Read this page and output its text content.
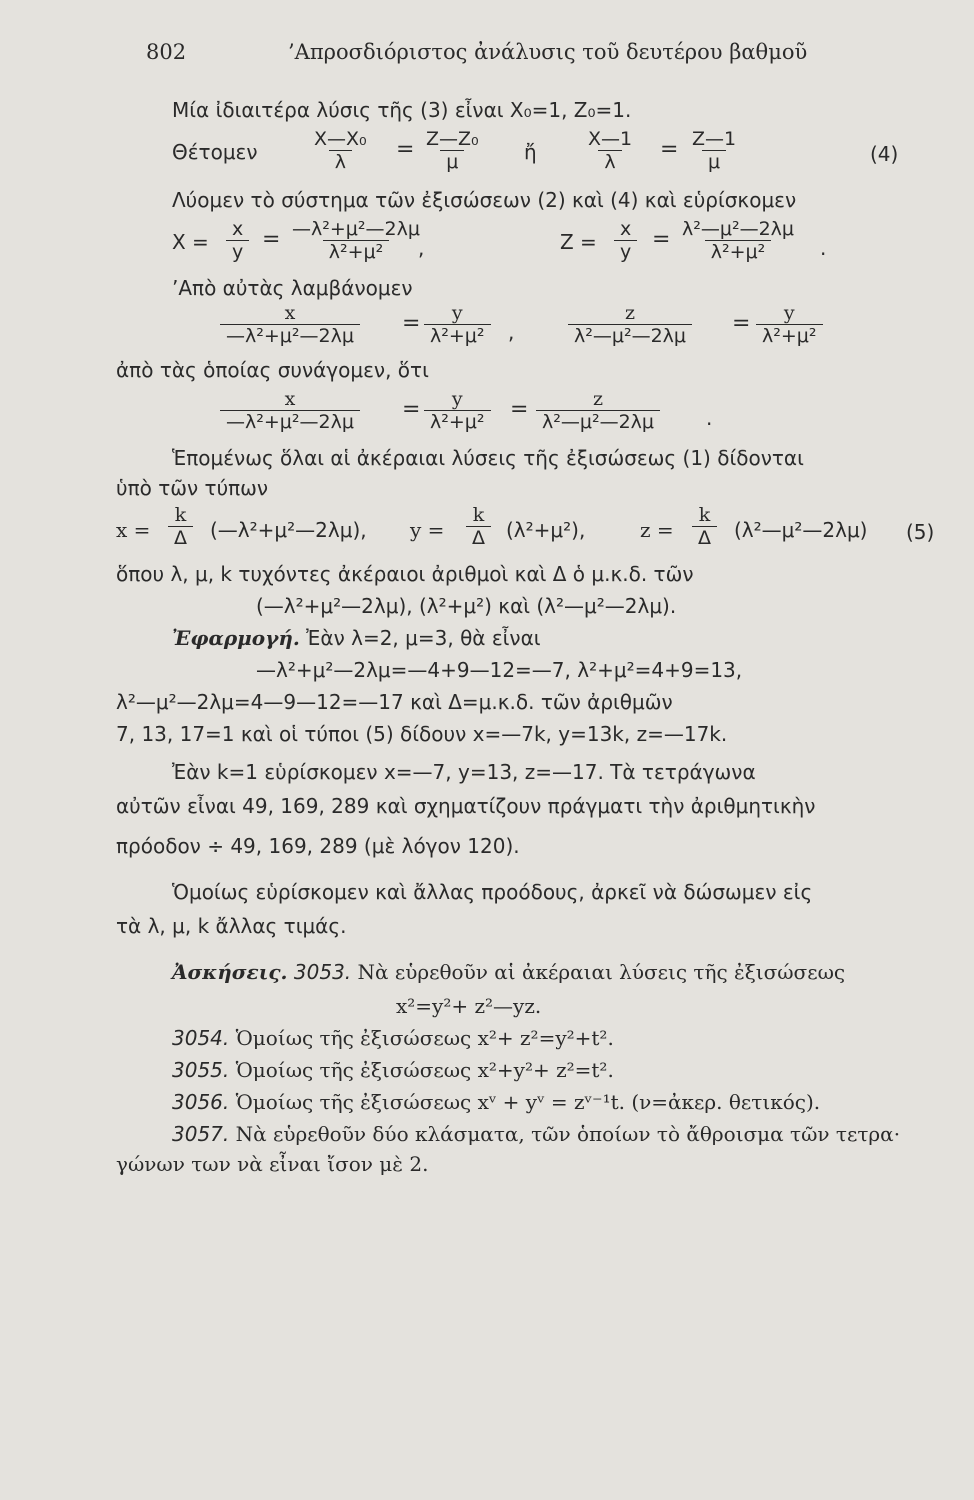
802	’Απροσδιόριστος ἀνάλυσις τοῦ δευτέρου βαθμοῦ
Μία ἰδιαιτέρα λύσις τῆς (3) εἶναι X₀=1, Z₀=1.
Θέτομεν	$\frac{\text{X—X₀}}{\lambda} = \frac{\text{Z—Z₀}}{\mu}$ ἤ $\frac{X—1}{\lambda} = \frac{Z—1}{\mu}$	(4)
Λύομεν τὸ σύστημα τῶν ἐξισώσεων (2) καὶ (4) καὶ εὑρίσκομεν
$X = \frac{x}{y} = \frac{\text{—λ²+μ²—2λμ}}{\text{λ²+μ²}}$
,	$Z = \frac{x}{y} = \frac{\text{λ²—μ²—2λμ}}{\text{λ²+μ²}}$ .
’Απὸ αὐτὰς λαμβάνομεν
$\frac{x}{\text{—λ²+μ²—2λμ}} = \frac{y}{\text{λ²+μ²}}$ ,	$\frac{z}{\text{λ²—μ²—2λμ}} = \frac{y}{\text{λ²+μ²}}$
ἀπὸ τὰς ὁποίας συνάγομεν, ὅτι
$\frac{x}{\text{—λ²+μ²—2λμ}} = \frac{y}{\text{λ²+μ²}} = \frac{z}{\text{λ²—μ²—2λμ}}$ .
Ἑπομένως ὅλαι αἱ ἀκέραιαι λύσεις τῆς ἐξισώσεως (1) δίδονται
ὑπὸ τῶν τύπων
$x = \frac{k}{\Delta}$ (—λ²+μ²—2λμ), $y = \frac{k}{\Delta} (\lambda^2+\mu^2)$,	$z = \frac{k}{\Delta}$ (λ²—μ²—2λμ) (5)
ὅπου λ, μ, k τυχόντες ἀκέραιοι ἀριθμοὶ καὶ Δ ὁ μ.κ.δ. τῶν
(—λ²+μ²—2λμ), (λ²+μ²) καὶ (λ²—μ²—2λμ).
Ἐφαρμογή. Ἐὰν λ=2, μ=3, θὰ εἶναι
—λ²+μ²—2λμ=—4+9—12=—7, λ²+μ²=4+9=13,
λ²—μ²—2λμ=4—9—12=—17 καὶ Δ=μ.κ.δ. τῶν ἀριθμῶν
7, 13, 17=1 καὶ οἱ τύποι (5) δίδουν x=—7k, y=13k, z=—17k.
Ἐὰν k=1 εὑρίσκομεν x=—7, y=13, z=—17. Τὰ τετράγωνα
αὐτῶν εἶναι 49, 169, 289 καὶ σχηματίζουν πράγματι τὴν ἀριθμητικὴν
πρόοδον ÷ 49, 169, 289 (μὲ λόγον 120).
Ὁμοίως εὑρίσκομεν καὶ ἄλλας προόδους, ἀρκεῖ νὰ δώσωμεν εἰς
τὰ λ, μ, k ἄλλας τιμάς.
Ἀσκήσεις. 3053. Νὰ εὑρεθοῦν αἱ ἀκέραιαι λύσεις τῆς ἐξισώσεως
x²=y²+ z²—yz.
3054. Ὁμοίως τῆς ἐξισώσεως x²+ z²=y²+t².
3055. Ὁμοίως τῆς ἐξισώσεως x²+y²+ z²=t².
3056. Ὁμοίως τῆς ἐξισώσεως xᵛ + yᵛ = zᵛ⁻¹t. (ν=ἀκερ. θετικός).
3057. Νὰ εὑρεθοῦν δύο κλάσματα, τῶν ὁποίων τὸ ἄθροισμα τῶν τετρα·
γώνων των νὰ εἶναι ἴσον μὲ 2.
